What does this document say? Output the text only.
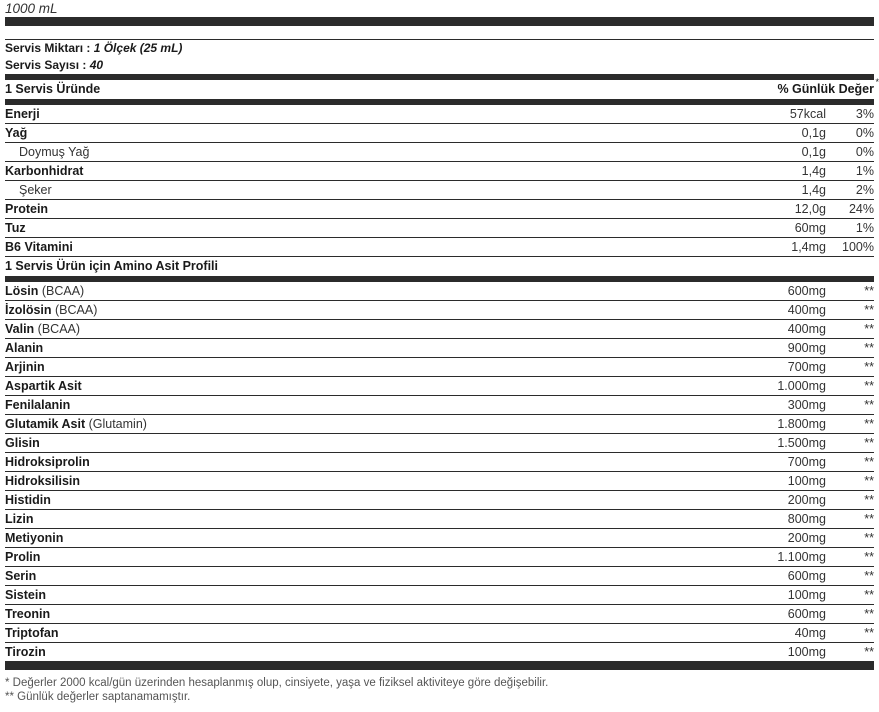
1000 mL
Servis Miktarı : 1 Ölçek (25 mL)
Servis Sayısı : 40
1 Servis Üründe	% Günlük Değer *
Enerji	57kcal	3%
Yağ	0,1g	0%
Doymuş Yağ	0,1g	0%
Karbonhidrat	1,4g	1%
Şeker	1,4g	2%
Protein	12,0g	24%
Tuz	60mg	1%
B6 Vitamini	1,4mg	100%
1 Servis Ürün için Amino Asit Profili
Lösin (BCAA)	600mg	**
İzolösin (BCAA)	400mg	**
Valin (BCAA)	400mg	**
Alanin	900mg	**
Arjinin	700mg	**
Aspartik Asit	1.000mg	**
Fenilalanin	300mg	**
Glutamik Asit (Glutamin)	1.800mg	**
Glisin	1.500mg	**
Hidroksiprolin	700mg	**
Hidroksilisin	100mg	**
Histidin	200mg	**
Lizin	800mg	**
Metiyonin	200mg	**
Prolin	1.100mg	**
Serin	600mg	**
Sistein	100mg	**
Treonin	600mg	**
Triptofan	40mg	**
Tirozin	100mg	**
* Değerler 2000 kcal/gün üzerinden hesaplanmış olup, cinsiyete, yaşa ve fiziksel aktiviteye göre değişebilir.
** Günlük değerler saptanamamıştır.
